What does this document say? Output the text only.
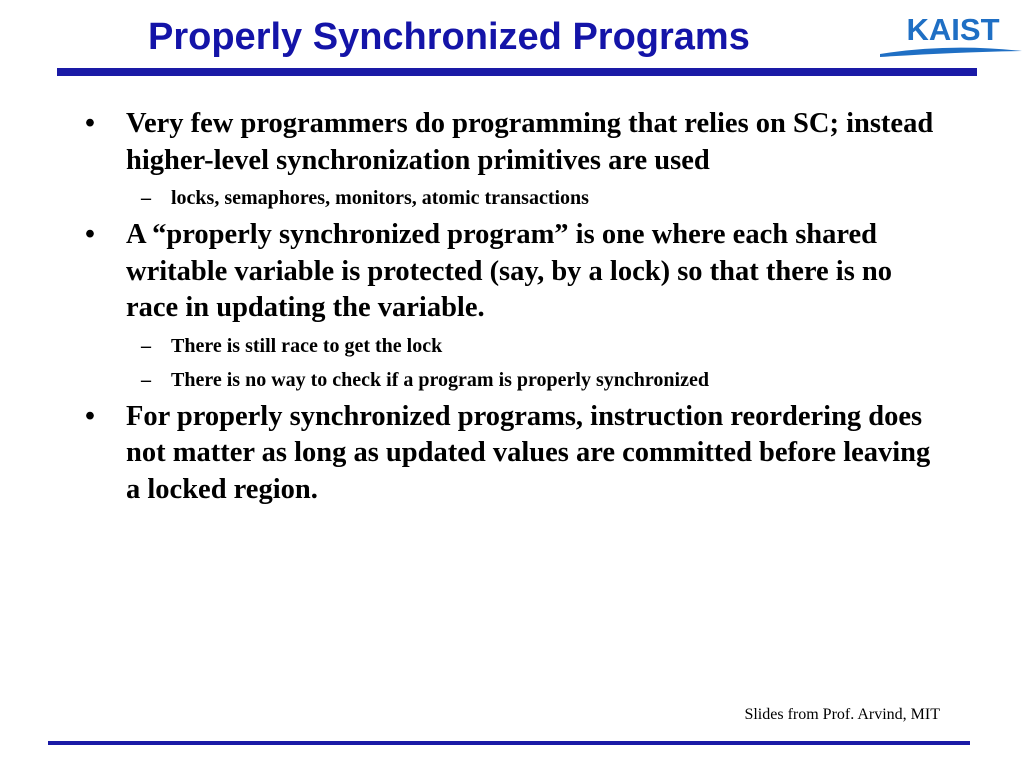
Properly Synchronized Programs	KAIST
•	Very few programmers do programming that relies on SC; instead higher-level synchronization primitives are used
– locks, semaphores, monitors, atomic transactions
•	A “properly synchronized program” is one where each shared writable variable is protected (say, by a lock) so that there is no race in updating the variable.
– There is still race to get the lock
– There is no way to check if a program is properly synchronized
•	For properly synchronized programs, instruction reordering does not matter as long as updated values are committed before leaving a locked region.
Slides from Prof. Arvind, MIT
